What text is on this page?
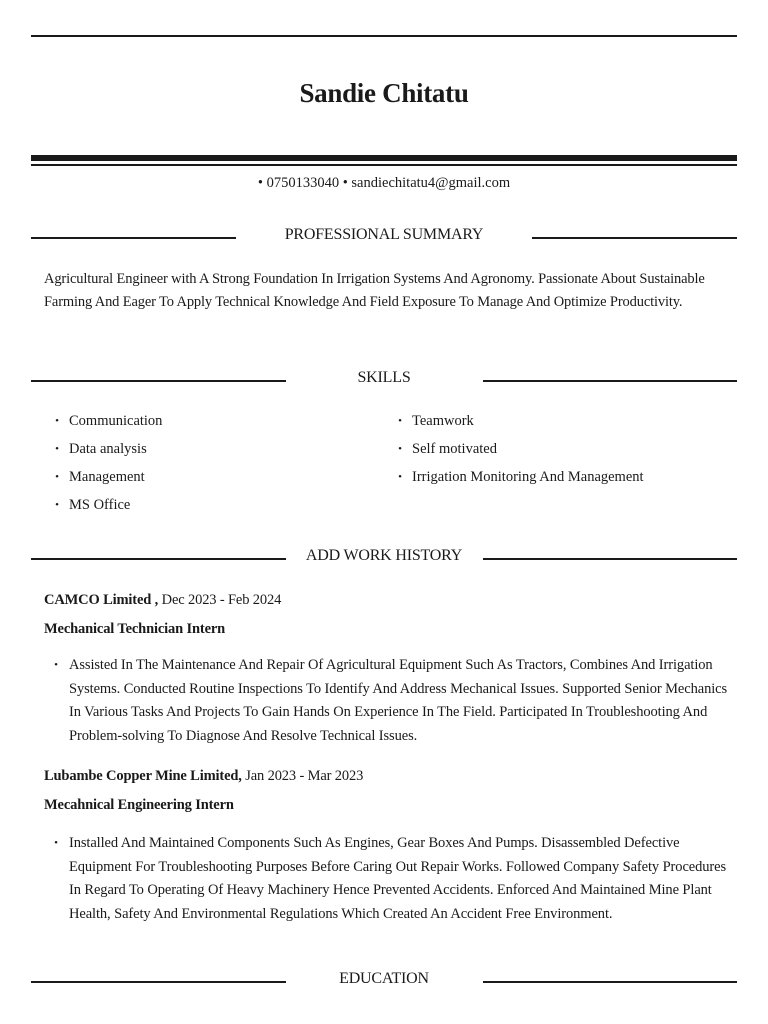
Sandie Chitatu
• 0750133040 • sandiechitatu4@gmail.com
PROFESSIONAL SUMMARY
Agricultural Engineer with A Strong Foundation In Irrigation Systems And Agronomy. Passionate About Sustainable Farming And Eager To Apply Technical Knowledge And Field Exposure To Manage And Optimize Productivity.
SKILLS
• Communication
• Data analysis
• Management
• MS Office
• Teamwork
• Self motivated
• Irrigation Monitoring And Management
ADD WORK HISTORY
CAMCO Limited , Dec 2023 - Feb 2024
Mechanical Technician Intern
• Assisted In The Maintenance And Repair Of Agricultural Equipment Such As Tractors, Combines And Irrigation Systems. Conducted Routine Inspections To Identify And Address Mechanical Issues. Supported Senior Mechanics In Various Tasks And Projects To Gain Hands On Experience In The Field. Participated In Troubleshooting And Problem-solving To Diagnose And Resolve Technical Issues.
Lubambe Copper Mine Limited, Jan 2023 - Mar 2023
Mecahnical Engineering Intern
• Installed And Maintained Components Such As Engines, Gear Boxes And Pumps. Disassembled Defective Equipment For Troubleshooting Purposes Before Caring Out Repair Works. Followed Company Safety Procedures In Regard To Operating Of Heavy Machinery Hence Prevented Accidents. Enforced And Maintained Mine Plant Health, Safety And Environmental Regulations Which Created An Accident Free Environment.
EDUCATION
